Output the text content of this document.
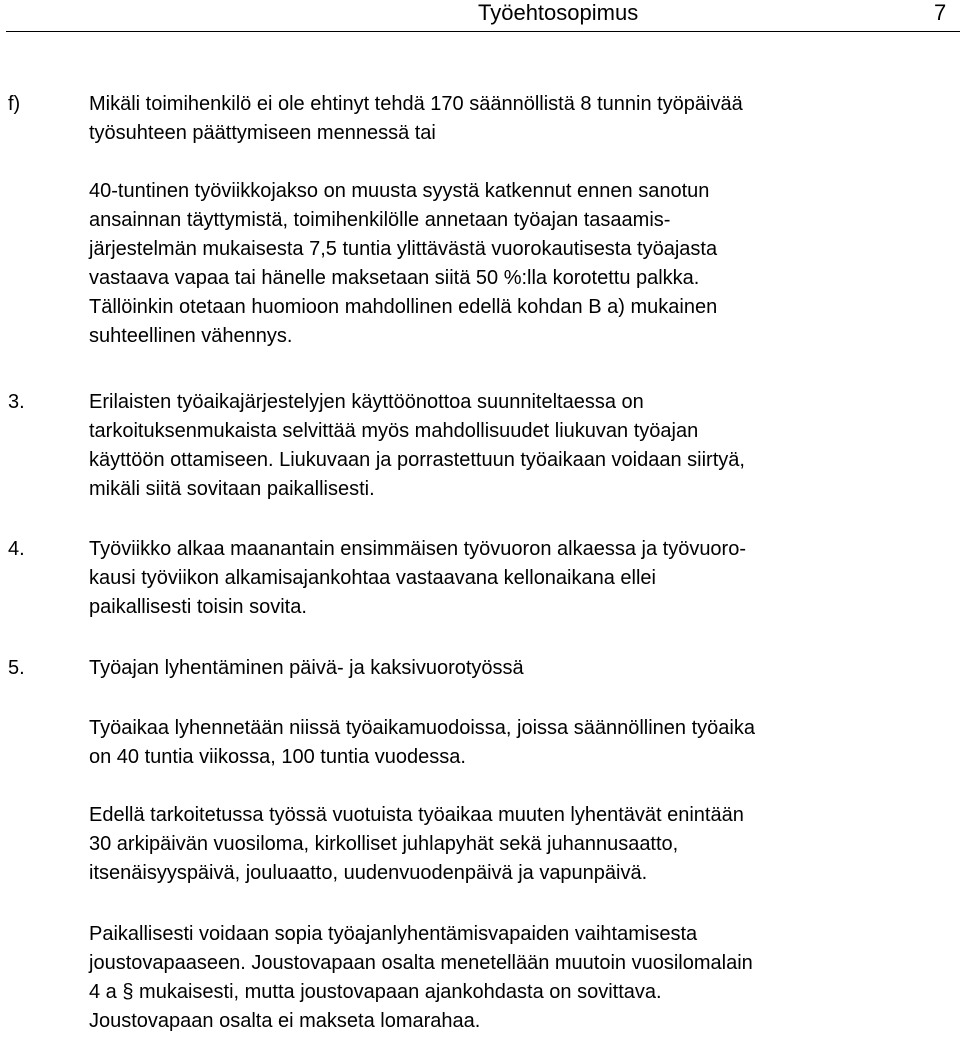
Työehtosopimus	7
f)	Mikäli toimihenkilö ei ole ehtinyt tehdä 170 säännöllistä 8 tunnin työpäivää
työsuhteen päättymiseen mennessä tai
40-tuntinen työviikkojakso on muusta syystä katkennut ennen sanotun
ansainnan täyttymistä, toimihenkilölle annetaan työajan tasaamis-
järjestelmän mukaisesta 7,5 tuntia ylittävästä vuorokautisesta työajasta
vastaava vapaa tai hänelle maksetaan siitä 50 %:lla korotettu palkka.
Tällöinkin otetaan huomioon mahdollinen edellä kohdan B a) mukainen
suhteellinen vähennys.
3.	Erilaisten työaikajärjestelyjen käyttöönottoa suunniteltaessa on
tarkoituksenmukaista selvittää myös mahdollisuudet liukuvan työajan
käyttöön ottamiseen. Liukuvaan ja porrastettuun työaikaan voidaan siirtyä,
mikäli siitä sovitaan paikallisesti.
4.	Työviikko alkaa maanantain ensimmäisen työvuoron alkaessa ja työvuoro-
kausi työviikon alkamisajankohtaa vastaavana kellonaikana ellei
paikallisesti toisin sovita.
5.	Työajan lyhentäminen päivä- ja kaksivuorotyössä
Työaikaa lyhennetään niissä työaikamuodoissa, joissa säännöllinen työaika
on 40 tuntia viikossa, 100 tuntia vuodessa.
Edellä tarkoitetussa työssä vuotuista työaikaa muuten lyhentävät enintään
30 arkipäivän vuosiloma, kirkolliset juhlapyhät sekä juhannusaatto,
itsenäisyyspäivä, jouluaatto, uudenvuodenpäivä ja vapunpäivä.
Paikallisesti voidaan sopia työajanlyhentämisvapaiden vaihtamisesta
joustovapaaseen. Joustovapaan osalta menetellään muutoin vuosilomalain
4 a § mukaisesti, mutta joustovapaan ajankohdasta on sovittava.
Joustovapaan osalta ei makseta lomarahaa.
